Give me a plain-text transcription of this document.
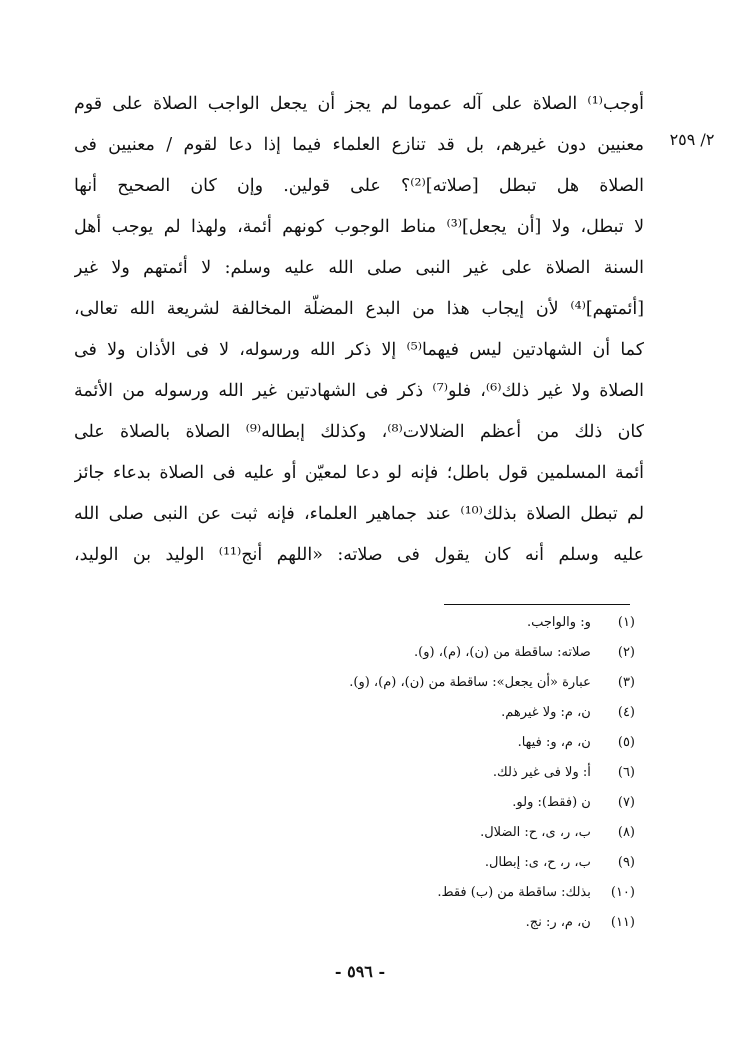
٢/ ٢٥٩
أوجب⁽¹⁾ الصلاة على آله عموما لم يجز أن يجعل الواجب الصلاة على قوم
معنيين دون غيرهم، بل قد تنازع العلماء فيما إذا دعا لقوم / معنيين فى
الصلاة هل تبطل [صلاته]⁽²⁾؟ على قولين. وإن كان الصحيح أنها
لا تبطل، ولا [أن يجعل]⁽³⁾ مناط الوجوب كونهم أئمة، ولهذا لم يوجب أهل
السنة الصلاة على غير النبى صلى الله عليه وسلم: لا أئمتهم ولا غير
[أئمتهم]⁽⁴⁾ لأن إيجاب هذا من البدع المضلّة المخالفة لشريعة الله تعالى،
كما أن الشهادتين ليس فيهما⁽⁵⁾ إلا ذكر الله ورسوله، لا فى الأذان ولا فى
الصلاة ولا غير ذلك⁽⁶⁾، فلو⁽⁷⁾ ذكر فى الشهادتين غير الله ورسوله من الأئمة
كان ذلك من أعظم الضلالات⁽⁸⁾، وكذلك إبطاله⁽⁹⁾ الصلاة بالصلاة على
أئمة المسلمين قول باطل؛ فإنه لو دعا لمعيّن أو عليه فى الصلاة بدعاء جائز
لم تبطل الصلاة بذلك⁽¹⁰⁾ عند جماهير العلماء، فإنه ثبت عن النبى صلى الله
عليه وسلم أنه كان يقول فى صلاته: «اللهم أنج⁽¹¹⁾ الوليد بن الوليد،
(١) و: والواجب.
(٢) صلاته: ساقطة من (ن)، (م)، (و).
(٣) عبارة «أن يجعل»: ساقطة من (ن)، (م)، (و).
(٤) ن، م: ولا غيرهم.
(٥) ن، م، و: فيها.
(٦) أ: ولا فى غير ذلك.
(٧) ن (فقط): ولو.
(٨) ب، ر، ى، ح: الضلال.
(٩) ب، ر، ح، ى: إبطال.
(١٠) بذلك: ساقطة من (ب) فقط.
(١١) ن، م، ر: نج.
- ٥٩٦ -
